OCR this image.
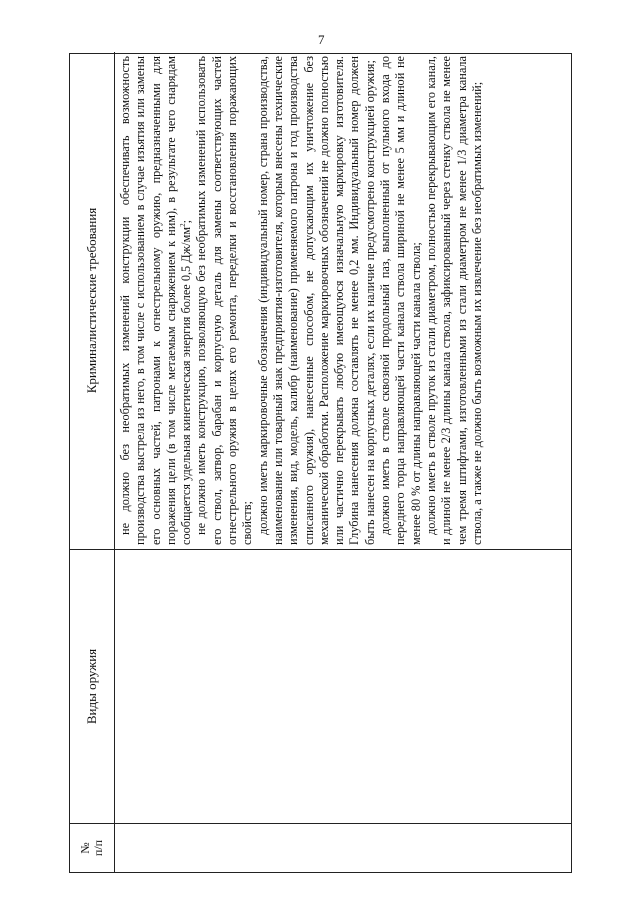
7
№ п/п
Виды оружия
Криминалистические требования	не должно без необратимых изменений конструкции обеспечивать возможность производства выстрела из него, в том числе с использованием в случае изъятия или замены его основных частей, патронами к огнестрельному оружию, предназначенными для поражения цели (в том числе метаемым снаряжением к ним), в результате чего снарядам сообщается удельная кинетическая энергия более 0,5 $Дж/мм^2$; не должно иметь конструкцию, позволяющую без необратимых изменений использовать его ствол, затвор, барабан и корпусную деталь для замены соответствующих частей огнестрельного оружия в целях его ремонта, переделки и восстановления поражающих свойств; должно иметь маркировочные обозначения (индивидуальный номер, страна производства, наименование или товарный знак предприятия-изготовителя, которым внесены технические изменения, вид, модель, калибр (наименование) применяемого патрона и год производства списанного оружия), нанесенные способом, не допускающим их уничтожение без механической обработки. Расположение маркировочных обозначений не должно полностью или частично перекрывать любую имеющуюся изначальную маркировку изготовителя. Глубина нанесения должна составлять не менее 0,2 мм. Индивидуальный номер должен быть нанесен на корпусных деталях, если их наличие предусмотрено конструкцией оружия; должно иметь в стволе сквозной продольный паз, выполненный от пульного входа до переднего торца направляющей части канала ствола шириной не менее 5 мм и длиной не менее 80 % от длины направляющей части канала ствола; должно иметь в стволе пруток из стали диаметром, полностью перекрывающим его канал, и длиной не менее 2/3 длины канала ствола, зафиксированный через стенку ствола не менее чем тремя штифтами, изготовленными из стали диаметром не менее 1/3 диаметра канала ствола, а также не должно быть возможным их извлечение без необратимых изменений;
